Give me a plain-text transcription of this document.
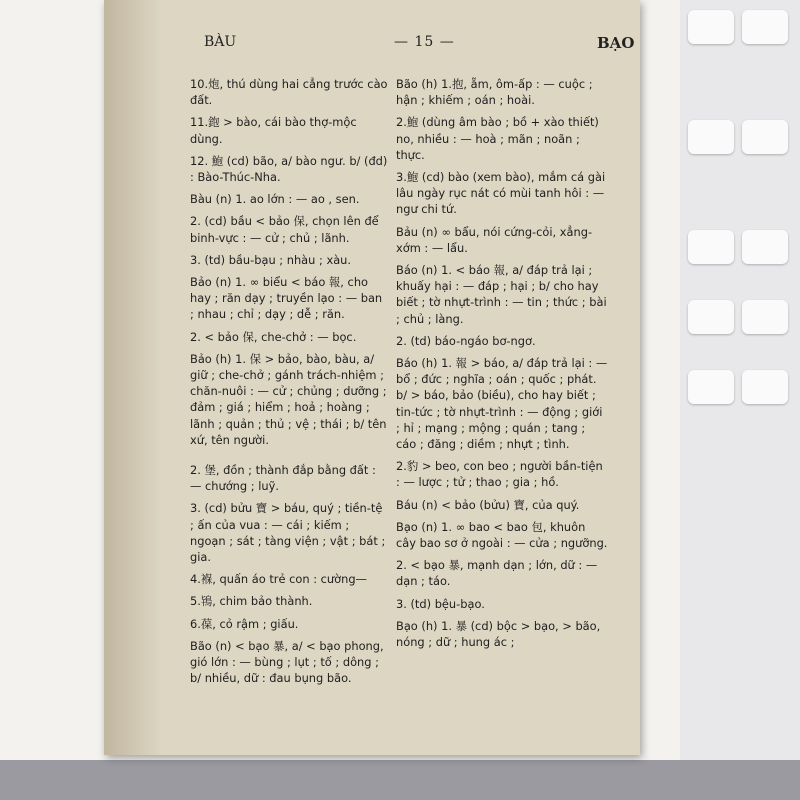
BÀU	— 15 —	BẠO

10.炮, thú dùng hai cẳng trước cào đất.

11.鉋 > bào, cái bào thợ-mộc dùng.

12. 鮑 (cd) bão, a/ bào ngư. b/ (đd) : Bào-Thúc-Nha.

Bàu (n) 1. ao lớn : — ao , sen.

2. (cd) bầu < bảo 保, chọn lên để binh-vực : — cử ; chủ ; lãnh.

3. (td) bầu-bạu ; nhàu ; xàu.

Bảo (n) 1. ∞ biểu < báo 報, cho hay ; răn dạy ; truyền lạo : — ban ; nhau ; chỉ ; dạy ; dễ ; răn.

2. < bảo 保, che-chở : — bọc.

Bảo (h) 1. 保 > bảo, bào, bàu, a/ giữ ; che-chở ; gánh trách-nhiệm ; chăn-nuôi : — cử ; chủng ; dưỡng ; đảm ; giá ; hiểm ; hoả ; hoàng ; lãnh ; quản ; thủ ; vệ ; thái ; b/ tên xứ, tên người.

2. 堡, đồn ; thành đắp bằng đất : — chướng ; luỹ.

3. (cd) bửu 寶 > báu, quý ; tiền-tệ ; ấn của vua : — cái ; kiếm ; ngoạn ; sát ; tàng viện ; vật ; bát ; gia.

4.褓, quấn áo trẻ con : cường—

5.鴇, chim bảo thành.

6.葆, cỏ rậm ; giấu.

Bão (n) < bạo 暴, a/ < bạo phong, gió lớn : — bùng ; lụt ; tố ; dông ; b/ nhiều, dữ : đau bụng bão.

Bão (h) 1.抱, ẵm, ôm-ấp : — cuộc ; hận ; khiếm ; oán ; hoài.

2.鮑 (dùng âm bào ; bồ + xào thiết) no, nhiều : — hoà ; mãn ; noãn ; thực.

3.鮑 (cd) bào (xem bào), mắm cá gài lâu ngày rục nát có mùi tanh hôi : — ngư chi tứ.

Bảu (n) ∞ bẩu, nói cứng-cỏi, xẳng-xớm : — lẩu.

Báo (n) 1. < báo 報, a/ đáp trả lại ; khuấy hại : — đáp ; hại ; b/ cho hay biết ; tờ nhựt-trình : — tin ; thức ; bài ; chủ ; làng.

2. (td) báo-ngáo bơ-ngơ.

Báo (h) 1. 報 > báo, a/ đáp trả lại : — bổ ; đức ; nghĩa ; oán ; quốc ; phát. b/ > báo, bảo (biều), cho hay biết ; tin-tức ; tờ nhựt-trình : — động ; giới ; hỉ ; mạng ; mộng ; quán ; tang ; cáo ; đăng ; diềm ; nhựt ; tình.

2.豹 > beo, con beo ; người bần-tiện : — lược ; tử ; thao ; gia ; hồ.

Báu (n) < bảo (bửu) 寶, của quý.

Bạo (n) 1. ∞ bao < bao 包, khuôn cây bao sơ ở ngoài : — cửa ; ngưỡng.

2. < bạo 暴, mạnh dạn ; lớn, dữ : — dạn ; táo.

3. (td) bệu-bạo.

Bạo (h) 1. 暴 (cd) bộc > bạo, > bão, nóng ; dữ ; hung ác ;
